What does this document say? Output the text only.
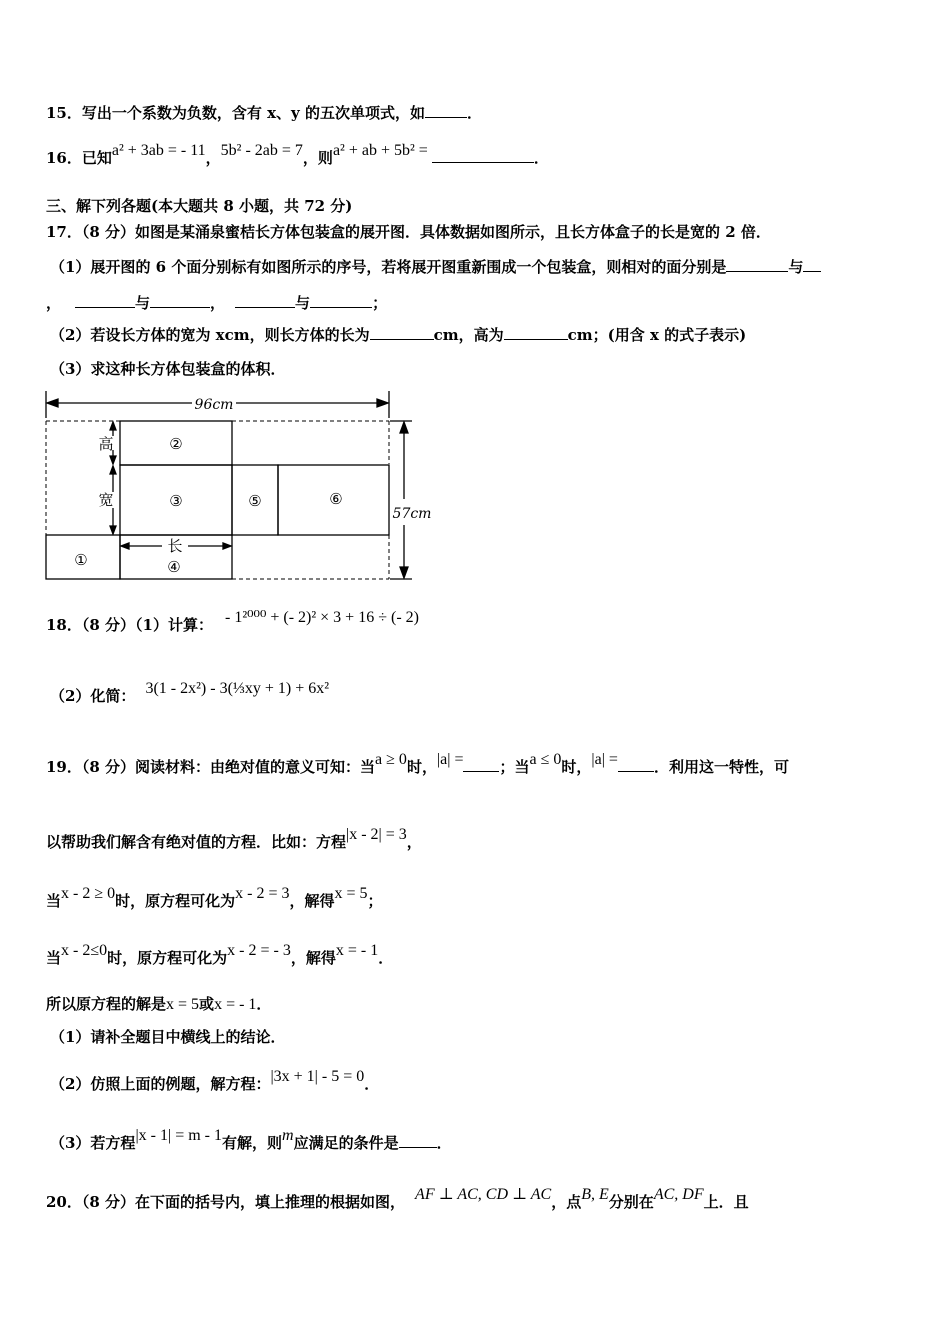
15．写出一个系数为负数，含有 x、y 的五次单项式，如	．
16．已知a² + 3ab = - 11，5b² - 2ab = 7，则a² + ab + 5b² =	．
三、解下列各题(本大题共 8 小题，共 72 分)
17．（8 分）如图是某涌泉蜜桔长方体包装盒的展开图．具体数据如图所示，且长方体盒子的长是宽的 2 倍．
（1）展开图的 6 个面分别标有如图所示的序号，若将展开图重新围成一个包装盒，则相对的面分别是	与
，	与	，	与	；
（2）若设长方体的宽为 xcm，则长方体的长为	cm，高为	cm；(用含 x 的式子表示)
（3）求这种长方体包装盒的体积．
96cm
57cm
高
宽
长
②
③	⑤	⑥
①	④
18．（8 分）（1）计算： - 1²⁰⁰⁰ + (- 2)² × 3 + 16 ÷ (- 2)
（2）化简： 3(1 - 2x²) - 3(⅓xy + 1) + 6x²
19．（8 分）阅读材料：由绝对值的意义可知：当a ≥ 0时，|a| = ；当a ≤ 0时，|a| = ．利用这一特性，可
以帮助我们解含有绝对值的方程．比如：方程|x - 2| = 3，
当x - 2 ≥ 0时，原方程可化为x - 2 = 3，解得x = 5；
当x - 2≤0时，原方程可化为x - 2 = - 3，解得x = - 1．
所以原方程的解是x = 5或x = - 1．
（1）请补全题目中横线上的结论．
（2）仿照上面的例题，解方程：|3x + 1| - 5 = 0．
（3）若方程|x - 1| = m - 1有解，则m应满足的条件是	．
20．（8 分）在下面的括号内，填上推理的根据如图， AF ⊥ AC, CD ⊥ AC，点B, E分别在AC, DF上．且
